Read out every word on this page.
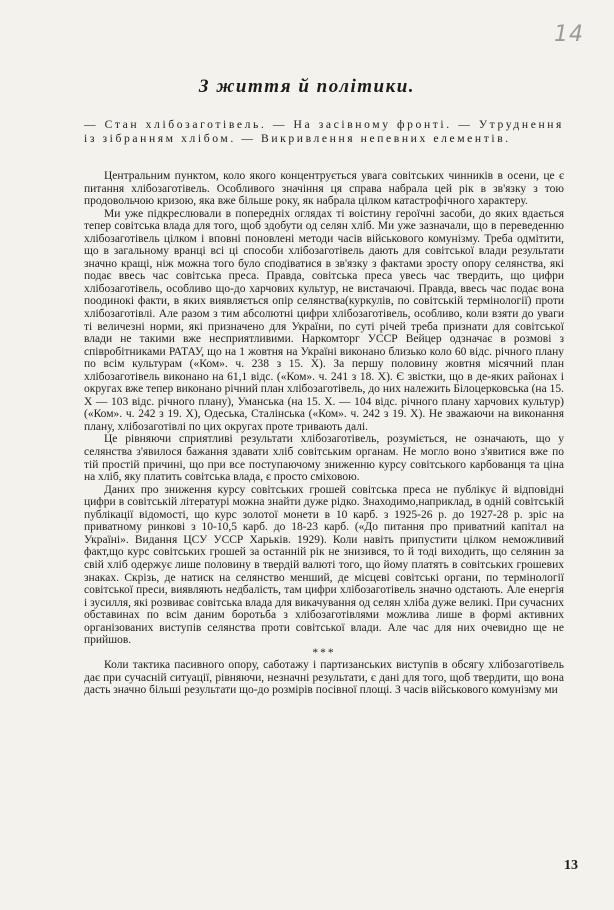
14
З життя й політики.
— Стан хлібозаготівель. — На засівному фронті. — Утруднення із зібранням хлібом. — Викривлення непевних елементів.

Центральним пунктом, коло якого концентрується увага совітських чинників в осени, це є питання хлібозаготівель. Особливого значіння ця справа набрала цей рік в зв'язку з тою продовольчою кризою, яка вже більше року, як набрала цілком катастрофічного характеру.

Ми уже підкреслювали в попередніх оглядах ті воістину героїчні засоби, до яких вдається тепер совітська влада для того, щоб здобути од селян хліб. Ми уже зазначали, що в переведенню хлібозаготівель цілком і вповні поновлені методи часів військового комунізму. Треба одмітити, що в загальному вранці всі ці способи хлібозаготівель дають для совітської влади результати значно кращі, ніж можна того було сподіватися в зв'язку з фактами зросту опору селянства, які подає ввесь час совітська преса. Правда, совітська преса увесь час твердить, що цифри хлібозаготівель, особливо що-до харчових культур, не вистачаючі. Правда, ввесь час подає вона поодинокі факти, в яких виявляється опір селянства(куркулів, по совітській термінології) проти хлібозаготівлі. Але разом з тим абсолютні цифри хлібозаготівель, особливо, коли взяти до уваги ті величезні норми, які призначено для України, по суті річей треба признати для совітської влади не такими вже несприятливими. Наркомторг УССР Вейцер одзначає в розмові з співробітниками РАТАУ, що на 1 жовтня на Україні виконано близько коло 60 відс. річного плану по всім культурам («Ком». ч. 238 з 15. Х). За першу половину жовтня місячний план хлібозаготівель виконано на 61,1 відс. («Ком». ч. 241 з 18. Х). Є звістки, що в де-яких районах і округах вже тепер виконано річний план хлібозаготівель, до них належить Білоцерковська (на 15. Х — 103 відс. річного плану), Уманська (на 15. Х. — 104 відс. річного плану харчових культур) («Ком». ч. 242 з 19. Х), Одеська, Сталінська («Ком». ч. 242 з 19. Х). Не зважаючи на виконання плану, хлібозаготівлі по цих округах проте тривають далі.

Це рівняючи сприятливі результати хлібозаготівель, розуміється, не означають, що у селянства з'явилося бажання здавати хліб совітським органам. Не могло воно з'явитися вже по тій простій причині, що при все поступаючому зниженню курсу совітського карбованця та ціна на хліб, яку платить совітська влада, є просто сміховою.

Даних про зниження курсу совітських грошей совітська преса не публікує й відповідні цифри в совітській літературі можна знайти дуже рідко. Знаходимо,наприклад, в одній совітській публікації відомості, що курс золотої монети в 10 карб. з 1925-26 р. до 1927-28 р. зріс на приватному ринкові з 10-10,5 карб. до 18-23 карб. («До питання про приватний капітал на Україні». Видання ЦСУ УССР Харьків. 1929). Коли навіть припустити цілком неможливий факт,що курс совітських грошей за останній рік не знизився, то й тоді виходить, що селянин за свій хліб одержує лише половину в твердій валюті того, що йому платять в совітських грошевих знаках. Скрізь, де натиск на селянство менший, де місцеві совітські органи, по термінології совітської преси, виявляють недбалість, там цифри хлібозаготівель значно одстають. Але енергія і зусилля, які розвиває совітська влада для викачування од селян хліба дуже великі. При сучасних обставинах по всім даним боротьба з хлібозаготівлями можлива лише в формі активних організованих виступів селянства проти совітської влади. Але час для них очевидно ще не прийшов.

***

Коли тактика пасивного опору, саботажу і партизанських виступів в обсягу хлібозаготівель дає при сучасній ситуації, рівняючи, незначні результати, є дані для того, щоб твердити, що вона дасть значно більші результати що-до розмірів посівної площі. З часів військового комунізму ми

13
